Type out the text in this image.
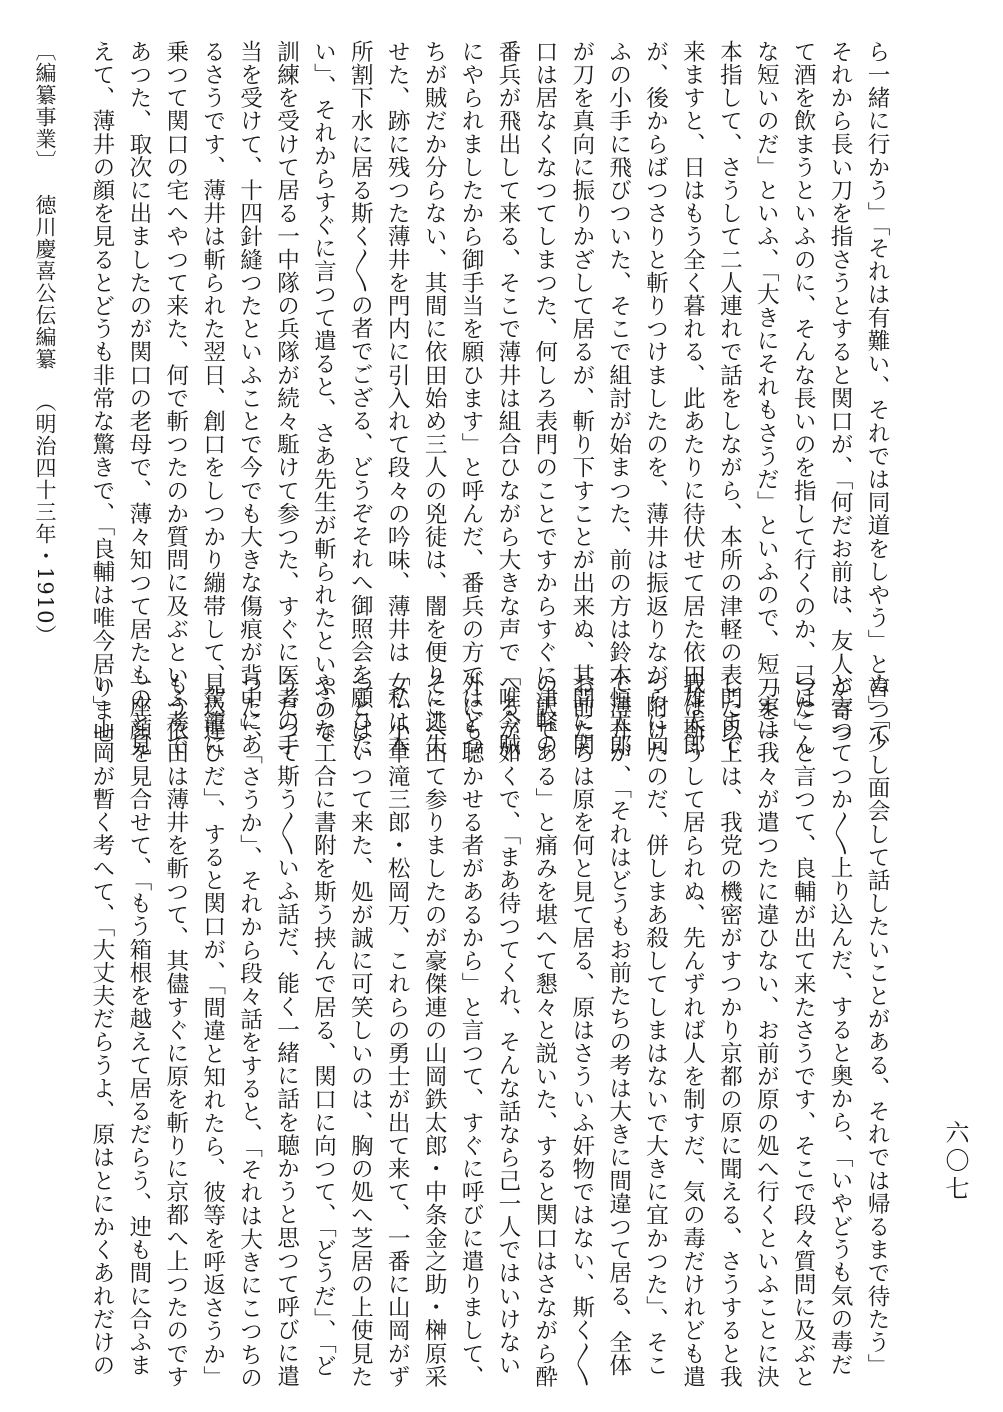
ら一緒に行かう」「それは有難い、それでは同道をしやう」と言つて
それから長い刀を指さうとすると関口が、「何だお前は、友人が寄つ
て酒を飲まうといふのに、そんな長いのを指して行くのか、己はこん
な短いのだ」といふ、「大きにそれもさうだ」といふので、短刀を一
本指して、さうして二人連れで話をしながら、本所の津軽の表門まで
来ますと、日はもう全く暮れる、此あたりに待伏せて居た依田雄太郎
が、後からばつさりと斬りつけましたのを、薄井は振返りながらに向
ふの小手に飛びついた、そこで組討が始まつた、前の方は鈴木恒太郎
が刀を真向に振りかざして居るが、斬り下すことが出来ぬ、其間に関
口は居なくなつてしまつた、何しろ表門のことですからすぐに津軽の
番兵が飛出して来る、そこで薄井は組合ひながら大きな声で「唯今賊
にやられましたから御手当を願ひます」と呼んだ、番兵の方ではどつ
ちが賊だか分らない、其間に依田始め三人の兇徒は、闇を便りに逃失
せた、跡に残つた薄井を門内に引入れて段々の吟味、薄井は「私は本
所割下水に居る斯く〳〵の者でござる、どうぞそれへ御照会を願ひた
い」、それからすぐに言つて遣ると、さあ先生が斬られたといふので
訓練を受けて居る一中隊の兵隊が続々駈けて参つた、すぐに医者の手
当を受けて、十四針縫つたといふことで今でも大きな傷痕が背中にあ
るさうです、薄井は斬られた翌日、創口をしつかり繃帯して、駕籠に
乗つて関口の宅へやつて来た、何で斬つたのか質問に及ぶといふ考で
あつた、取次に出ましたのが関口の老母で、薄々知つて居たものと見
えて、薄井の顔を見るとどうも非常な驚きで、「良輔は唯今居りませ
ぬ」「少し面会して話したいことがある、それでは帰るまで待たう」
と言つてつか〳〵上り込んだ、すると奥から、「いやどうも気の毒だ
つた」と言つて、良輔が出て来たさうです、そこで段々質問に及ぶと
「実は我々が遣つたに違ひない、お前が原の処へ行くといふことに決
した以上は、我党の機密がすつかり京都の原に聞える、さうすると我
我は斯うして居られぬ、先んずれば人を制すだ、気の毒だけれども遣
つ附けたのだ、併しまあ殺してしまはないで大きに宜かつた」、そこ
で薄井が、「それはどうもお前たちの考は大きに間違つて居る、全体
お前たちは原を何と見て居る、原はさういふ奸物ではない、斯く〳〵
の訳である」と痛みを堪へて懇々と説いた、すると関口はさながら酔
へるが如くで、「まあ待つてくれ、そんな話なら己一人ではいけない
外にも聴かせる者があるから」と言つて、すぐに呼びに遣りまして、
そこへ出て参りましたのが豪傑連の山岡鉄太郎・中条金之助・榊原采
女・小草滝三郎・松岡万、これらの勇士が出て来て、一番に山岡がず
つとはいつて来た、処が誠に可笑しいのは、胸の処へ芝居の上使見た
やうな工合に書附を斯う挟んで居る、関口に向つて、「どうだ」、「ど
うだつて斯う〳〵いふ話だ、能く一緒に話を聴かうと思つて呼びに遣
つた」、「さうか」、それから段々話をすると、「それは大きにこつちの
見込違ひだ」、すると関口が、「間違と知れたら、彼等を呼返さうか」
もう依田は薄井を斬つて、其儘すぐに原を斬りに京都へ上つたのです
一座顔を見合せて、「もう箱根を越えて居るだらう、迚も間に合ふま
い」山岡が暫く考へて、「大丈夫だらうよ、原はとにかくあれだけの	六〇七
〔編纂事業〕 徳川慶喜公伝編纂 （明治四十三年・1910）
